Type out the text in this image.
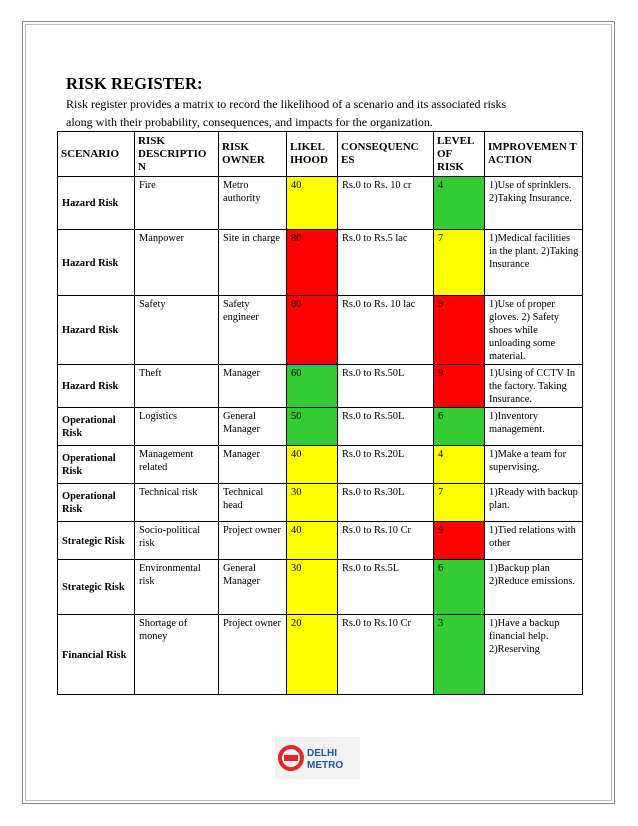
RISK REGISTER:
Risk register provides a matrix to record the likelihood of a scenario and its associated risks
along with their probability, consequences, and impacts for the organization.
SCENARIO	RISK DESCRIPTIO N	RISK OWNER	LIKEL IHOOD	CONSEQUENC ES	LEVEL OF RISK	IMPROVEMEN T ACTION
Hazard Risk	Fire	Metro authority	40	Rs.0 to Rs. 10 cr	4	1)Use of sprinklers. 2)Taking Insurance.
Hazard Risk	Manpower	Site in charge	80	Rs.0 to Rs.5 lac	7	1)Medical facilities in the plant. 2)Taking Insurance
Hazard Risk	Safety	Safety engineer	80	Rs.0 to Rs. 10 lac	9	1)Use of proper gloves. 2) Safety shoes while unloading some material.
Hazard Risk	Theft	Manager	60	Rs.0 to Rs.50L	9	1)Using of CCTV In the factory. Taking Insurance.
Operational Risk	Logistics	General Manager	50	Rs.0 to Rs.50L	6	1)Inventory management.
Operational Risk	Management related	Manager	40	Rs.0 to Rs.20L	4	1)Make a team for supervising.
Operational Risk	Technical risk	Technical head	30	Rs.0 to Rs.30L	7	1)Ready with backup plan.
Strategic Risk	Socio-political risk	Project owner	40	Rs.0 to Rs.10 Cr	9	1)Tied relations with other
Strategic Risk	Environmental risk	General Manager	30	Rs.0 to Rs.5L	6	1)Backup plan 2)Reduce emissions.
Financial Risk	Shortage of money	Project owner	20	Rs.0 to Rs.10 Cr	3	1)Have a backup financial help. 2)Reserving
DELHI
METRO
